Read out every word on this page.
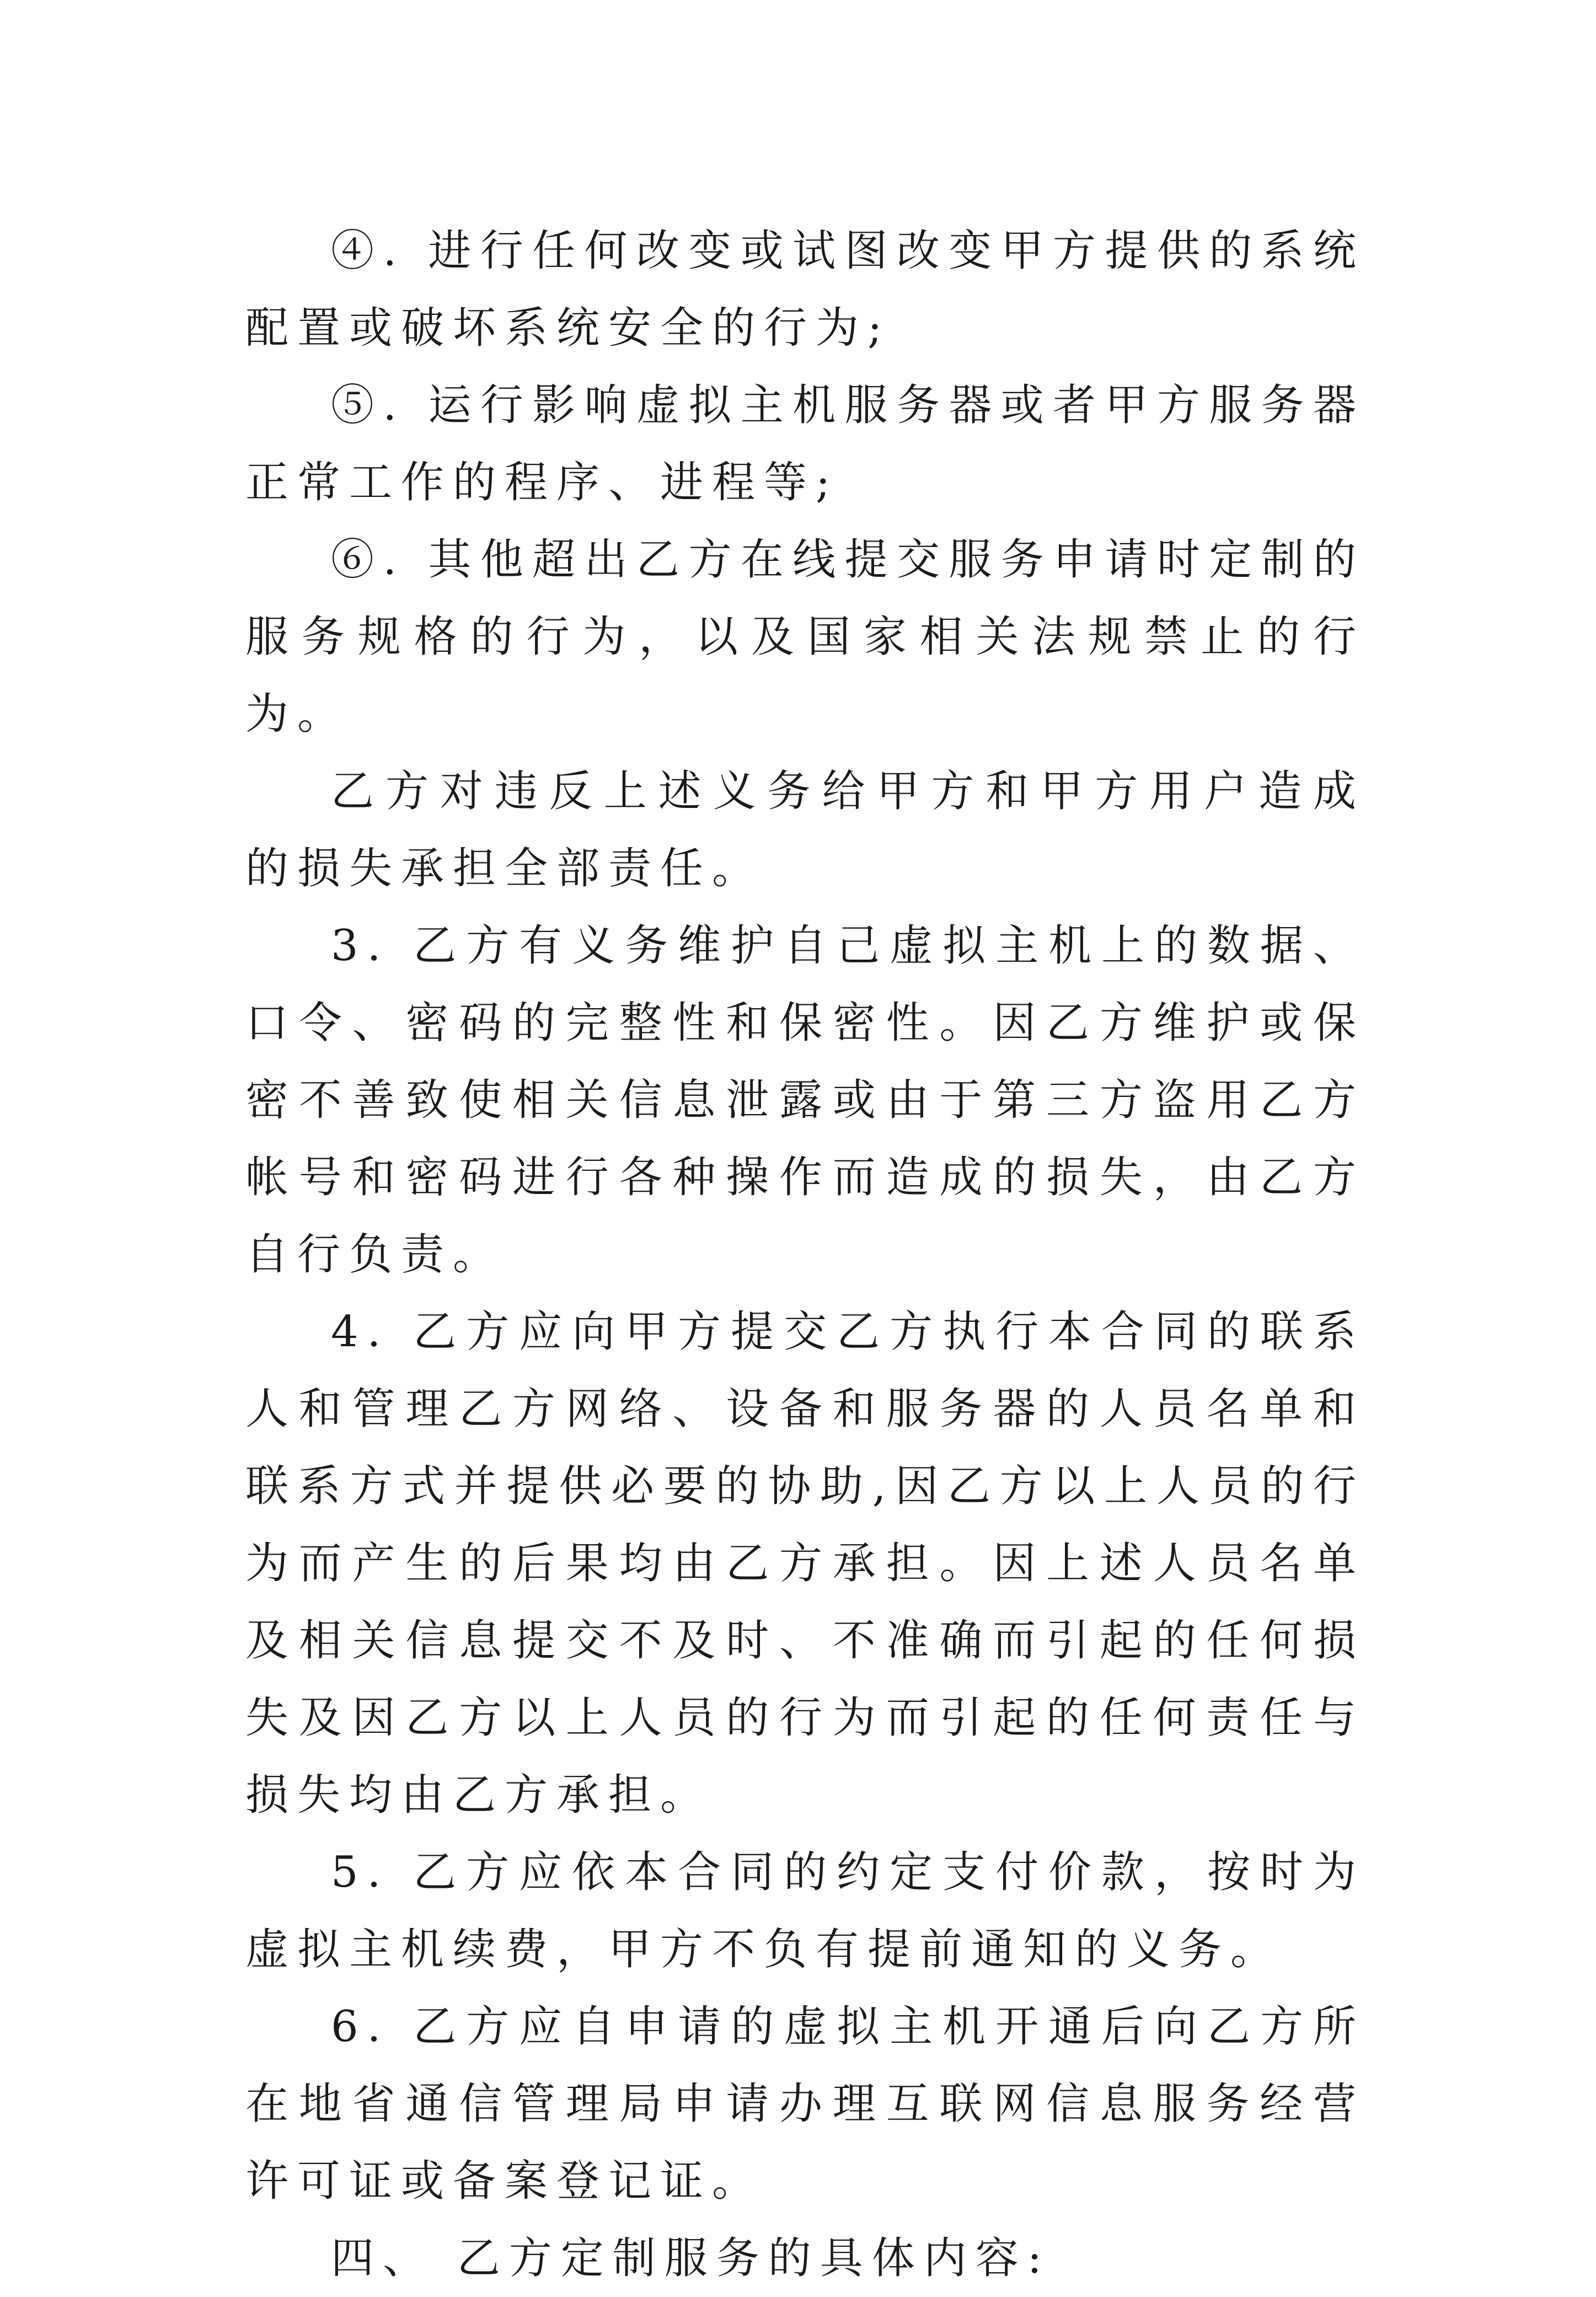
④. 进行任何改变或试图改变甲方提供的系统配置或破坏系统安全的行为;

⑤. 运行影响虚拟主机服务器或者甲方服务器正常工作的程序、进程等;

⑥. 其他超出乙方在线提交服务申请时定制的服务规格的行为，以及国家相关法规禁止的行为。

乙方对违反上述义务给甲方和甲方用户造成的损失承担全部责任。

3. 乙方有义务维护自己虚拟主机上的数据、口令、密码的完整性和保密性。因乙方维护或保密不善致使相关信息泄露或由于第三方盗用乙方帐号和密码进行各种操作而造成的损失，由乙方自行负责。

4. 乙方应向甲方提交乙方执行本合同的联系人和管理乙方网络、设备和服务器的人员名单和联系方式并提供必要的协助,因乙方以上人员的行为而产生的后果均由乙方承担。因上述人员名单及相关信息提交不及时、不准确而引起的任何损失及因乙方以上人员的行为而引起的任何责任与损失均由乙方承担。

5. 乙方应依本合同的约定支付价款，按时为虚拟主机续费，甲方不负有提前通知的义务。

6. 乙方应自申请的虚拟主机开通后向乙方所在地省通信管理局申请办理互联网信息服务经营许可证或备案登记证。

四、 乙方定制服务的具体内容:
